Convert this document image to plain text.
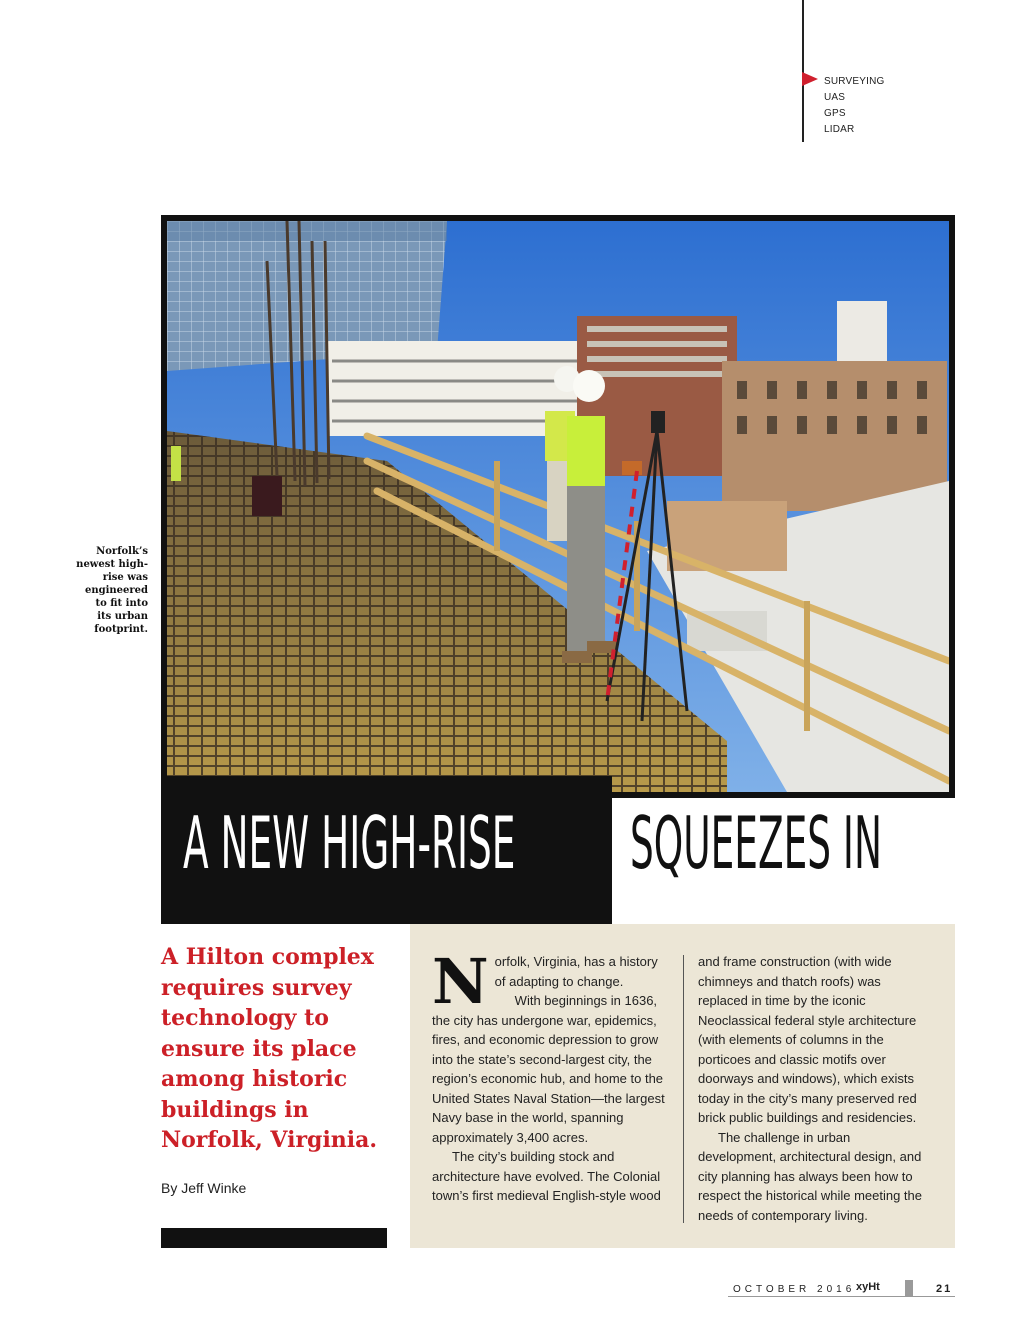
SURVEYING
UAS
GPS
LIDAR
Norfolk’s
newest high-
rise was
engineered
to fit into
its urban
footprint.
A NEW HIGH-RISE SQUEEZES IN
A Hilton complex requires survey technology to ensure its place among historic buildings in Norfolk, Virginia.
By Jeff Winke

Norfolk, Virginia, has a history of adapting to change.

With beginnings in 1636, the city has undergone war, epidemics, fires, and economic depression to grow into the state’s second-largest city, the region’s economic hub, and home to the United States Naval Station—the largest Navy base in the world, spanning approximately 3,400 acres.

The city’s building stock and architecture have evolved. The Colonial town’s first medieval English-style wood

and frame construction (with wide chimneys and thatch roofs) was replaced in time by the iconic Neoclassical federal style architecture (with elements of columns in the porticoes and classic motifs over doorways and windows), which exists today in the city’s many preserved red brick public buildings and residencies.

The challenge in urban development, architectural design, and city planning has always been how to respect the historical while meeting the needs of contemporary living.

OCTOBER 2016 xyHt	21
